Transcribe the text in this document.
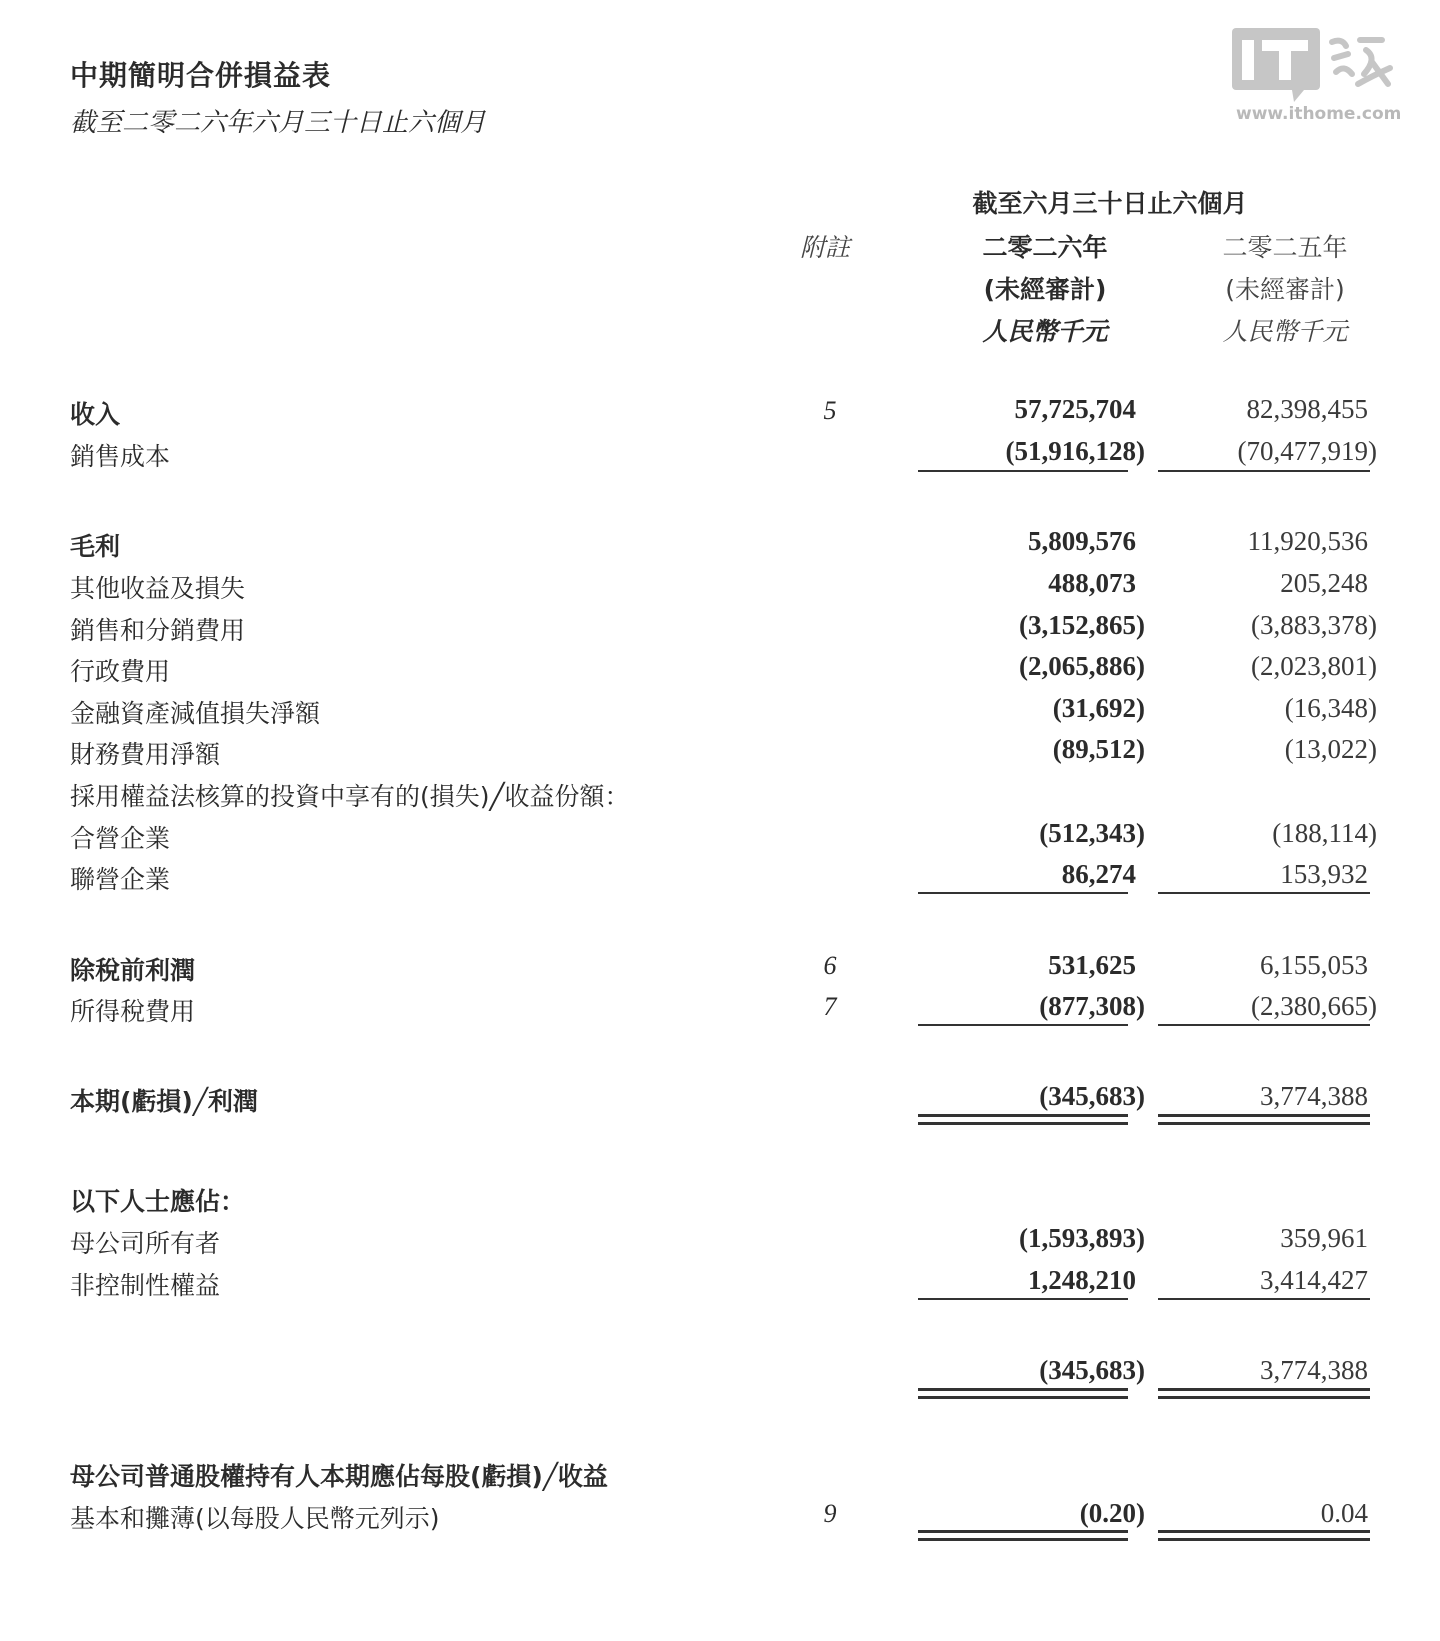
中期簡明合併損益表
截至二零二六年六月三十日止六個月	www.ithome.com
截至六月三十日止六個月
附註	二零二六年	二零二五年
(未經審計)	(未經審計)
人民幣千元	人民幣千元
收入	5	57,725,704	82,398,455
銷售成本	(51,916,128)	(70,477,919)
毛利	5,809,576	11,920,536
其他收益及損失	488,073	205,248
銷售和分銷費用	(3,152,865)	(3,883,378)
行政費用	(2,065,886)	(2,023,801)
金融資產減值損失淨額	(31,692)	(16,348)
財務費用淨額	(89,512)	(13,022)
採用權益法核算的投資中享有的(損失)╱收益份額：
合營企業	(512,343)	(188,114)
聯營企業	86,274	153,932
除稅前利潤	6	531,625	6,155,053
所得稅費用	7	(877,308)	(2,380,665)
本期(虧損)╱利潤	(345,683)	3,774,388
以下人士應佔：
母公司所有者	(1,593,893)	359,961
非控制性權益	1,248,210	3,414,427
(345,683)	3,774,388
母公司普通股權持有人本期應佔每股(虧損)╱收益
基本和攤薄(以每股人民幣元列示)	9	(0.20)	0.04
